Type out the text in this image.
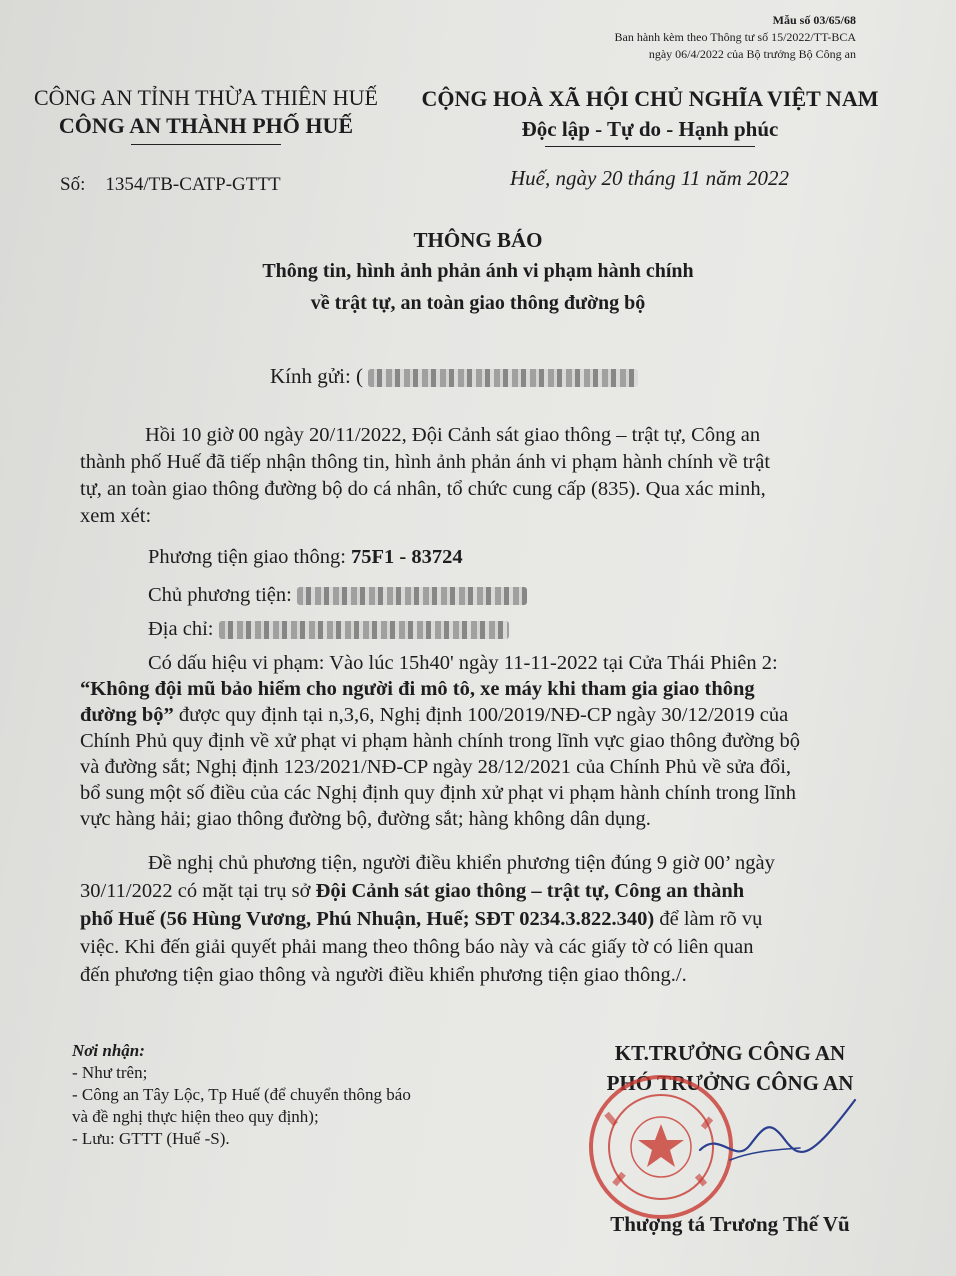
Mẫu số 03/65/68
Ban hành kèm theo Thông tư số 15/2022/TT-BCA
ngày 06/4/2022 của Bộ trưởng Bộ Công an
CÔNG AN TỈNH THỪA THIÊN HUẾ
CÔNG AN THÀNH PHỐ HUẾ
CỘNG HOÀ XÃ HỘI CHỦ NGHĨA VIỆT NAM
Độc lập - Tự do - Hạnh phúc
Số: 1354/TB-CATP-GTTT	Huế, ngày 20 tháng 11 năm 2022
THÔNG BÁO
Thông tin, hình ảnh phản ánh vi phạm hành chính
về trật tự, an toàn giao thông đường bộ
Kính gửi: (
Hồi 10 giờ 00 ngày 20/11/2022, Đội Cảnh sát giao thông – trật tự, Công an
thành phố Huế đã tiếp nhận thông tin, hình ảnh phản ánh vi phạm hành chính về trật
tự, an toàn giao thông đường bộ do cá nhân, tổ chức cung cấp (835). Qua xác minh,
xem xét:
Phương tiện giao thông: 75F1 - 83724
Chủ phương tiện:
Địa chỉ:
Có dấu hiệu vi phạm: Vào lúc 15h40' ngày 11-11-2022 tại Cửa Thái Phiên 2:
“Không đội mũ bảo hiểm cho người đi mô tô, xe máy khi tham gia giao thông
đường bộ” được quy định tại n,3,6, Nghị định 100/2019/NĐ-CP ngày 30/12/2019 của
Chính Phủ quy định về xử phạt vi phạm hành chính trong lĩnh vực giao thông đường bộ
và đường sắt; Nghị định 123/2021/NĐ-CP ngày 28/12/2021 của Chính Phủ về sửa đổi,
bổ sung một số điều của các Nghị định quy định xử phạt vi phạm hành chính trong lĩnh
vực hàng hải; giao thông đường bộ, đường sắt; hàng không dân dụng.
Đề nghị chủ phương tiện, người điều khiển phương tiện đúng 9 giờ 00’ ngày
30/11/2022 có mặt tại trụ sở Đội Cảnh sát giao thông – trật tự, Công an thành
phố Huế (56 Hùng Vương, Phú Nhuận, Huế; SĐT 0234.3.822.340) để làm rõ vụ
việc. Khi đến giải quyết phải mang theo thông báo này và các giấy tờ có liên quan
đến phương tiện giao thông và người điều khiển phương tiện giao thông./.
Nơi nhận:
- Như trên;
- Công an Tây Lộc, Tp Huế (để chuyển thông báo
và đề nghị thực hiện theo quy định);
- Lưu: GTTT (Huế -S).
KT.TRƯỞNG CÔNG AN
PHÓ TRƯỞNG CÔNG AN
Thượng tá Trương Thế Vũ
